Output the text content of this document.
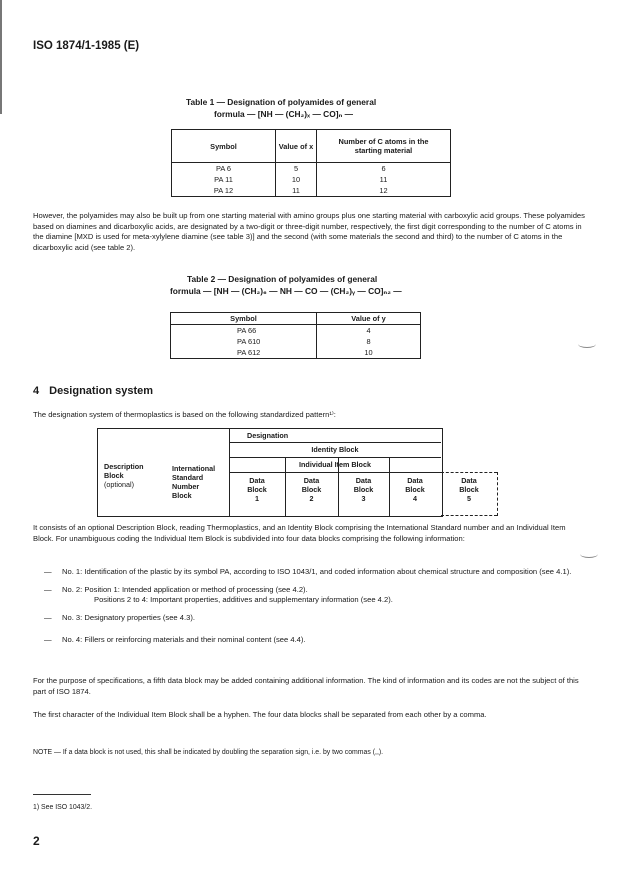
ISO 1874/1-1985 (E)
Table 1 — Designation of polyamides of general
formula — [NH — (CH₂)ₓ — CO]ₙ —
Symbol	Value of x	Number of C atoms in the starting material
PA 6	5	6
PA 11	10	11
PA 12	11	12
However, the polyamides may also be built up from one starting material with amino groups plus one starting material with carboxylic acid groups. These polyamides based on diamines and dicarboxylic acids, are designated by a two-digit or three-digit number, respectively, the first digit corresponding to the number of C atoms in the diamine [MXD is used for meta-xylylene diamine (see table 3)] and the second (with some materials the second and third) to the number of C atoms in the dicarboxylic acid (see table 2).
Table 2 — Designation of polyamides of general
formula — [NH — (CH₂)₆ — NH — CO — (CH₂)ᵧ — CO]ₙ₂ —
Symbol	Value of y
PA 66	4
PA 610	8
PA 612	10
4 Designation system
The designation system of thermoplastics is based on the following standardized pattern¹⁾:
Designation
Identity Block
Individual Item Block
Description
Block
(optional)
International
Standard
Number
Block
Data
Block
1
Data
Block
2
Data
Block
3
Data
Block
4
Data
Block
5
It consists of an optional Description Block, reading Thermoplastics, and an Identity Block comprising the International Standard number and an Individual Item Block. For unambiguous coding the Individual Item Block is subdivided into four data blocks comprising the following information:
— No. 1: Identification of the plastic by its symbol PA, according to ISO 1043/1, and coded information about chemical structure and composition (see 4.1).
— No. 2: Position 1: Intended application or method of processing (see 4.2).
Positions 2 to 4: Important properties, additives and supplementary information (see 4.2).
— No. 3: Designatory properties (see 4.3).
— No. 4: Fillers or reinforcing materials and their nominal content (see 4.4).
For the purpose of specifications, a fifth data block may be added containing additional information. The kind of information and its codes are not the subject of this part of ISO 1874.
The first character of the Individual Item Block shall be a hyphen. The four data blocks shall be separated from each other by a comma.
NOTE — If a data block is not used, this shall be indicated by doubling the separation sign, i.e. by two commas (,,).
1) See ISO 1043/2.
2
